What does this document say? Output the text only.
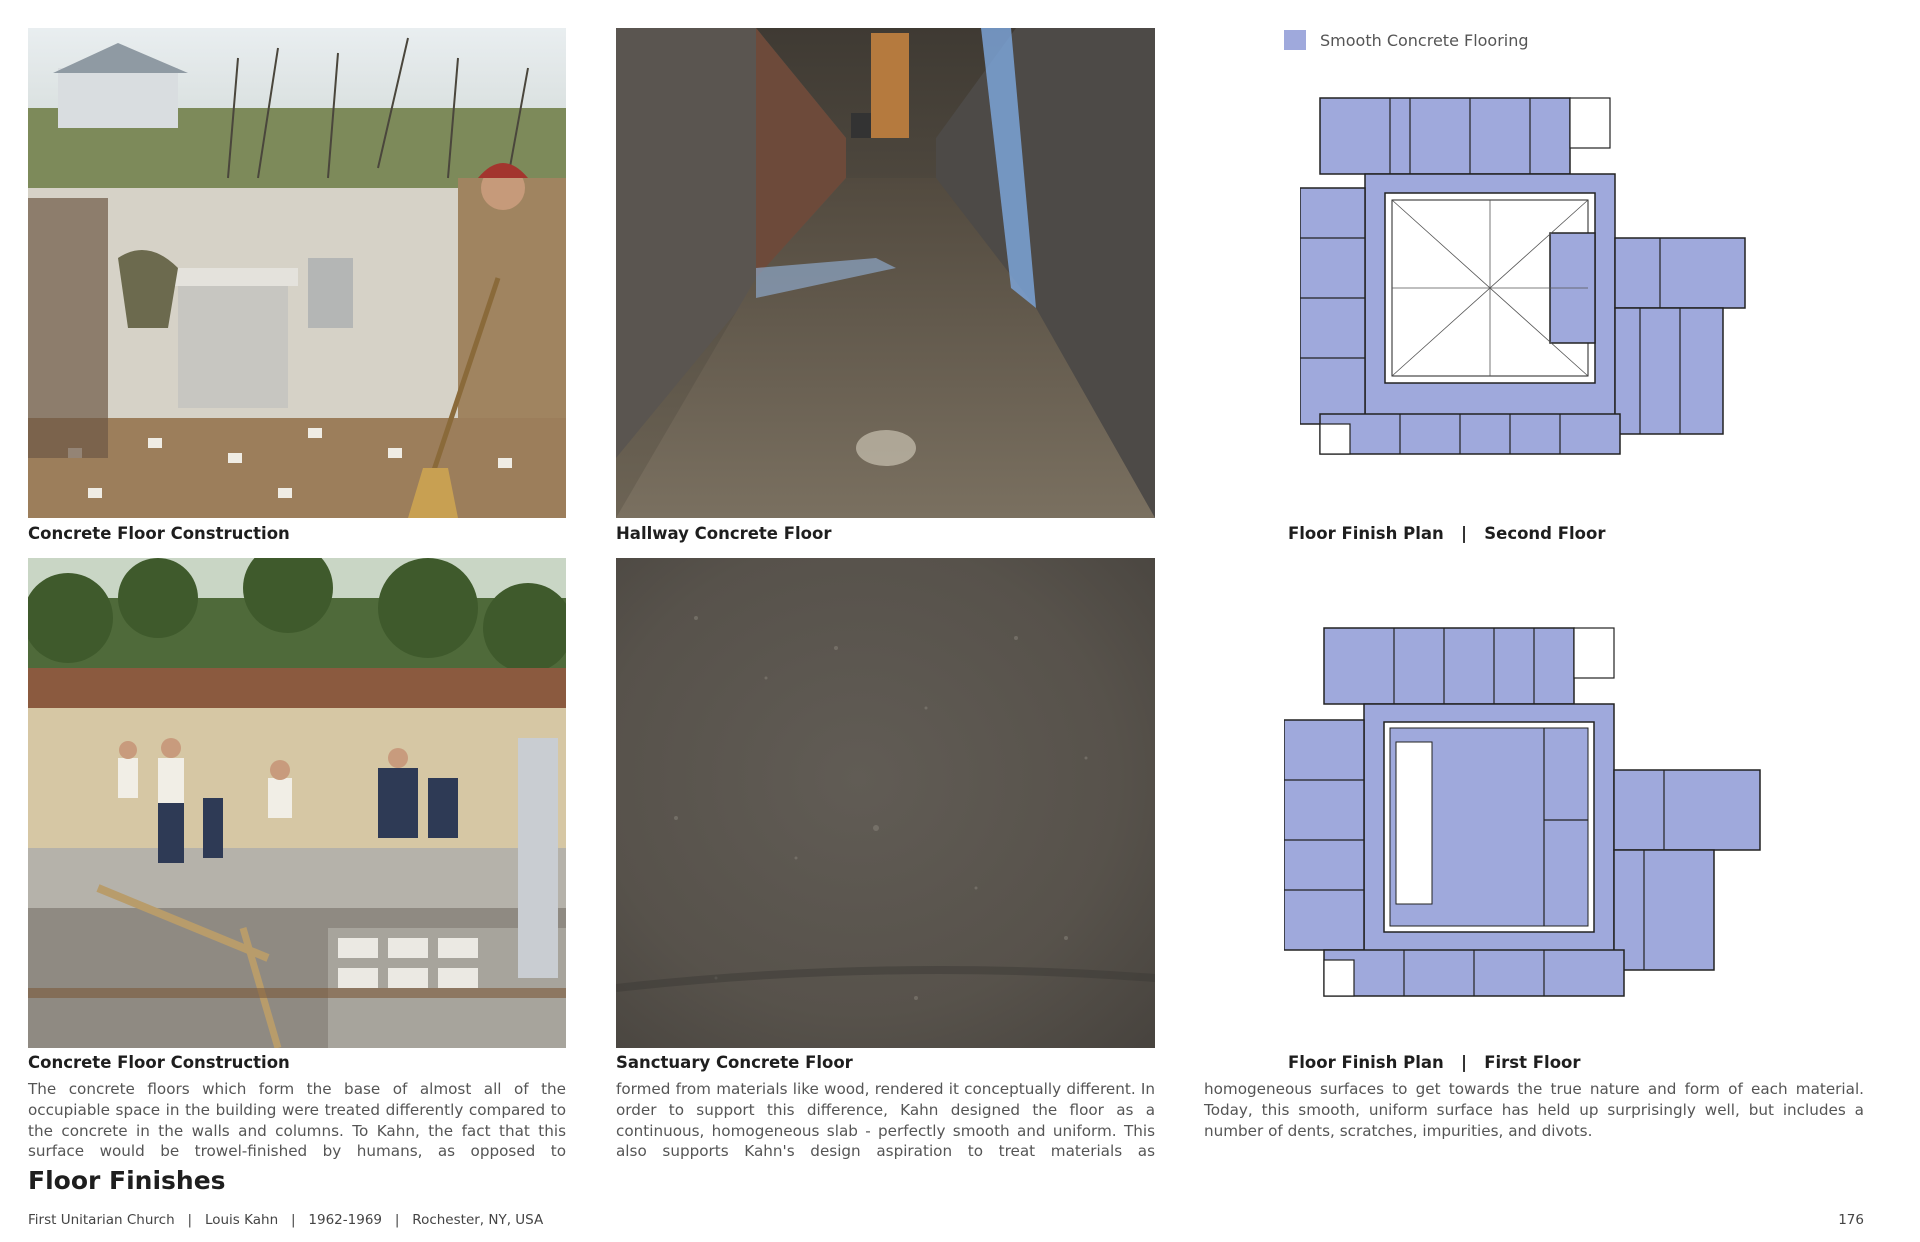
Concrete Floor Construction	Hallway Concrete Floor
Concrete Floor Construction	Sanctuary Concrete Floor
Smooth Concrete Flooring
Floor Finish Plan   |   Second Floor
Floor Finish Plan   |   First Floor
The concrete floors which form the base of almost all of the occupiable space in the building were treated differently compared to the concrete in the walls and columns. To Kahn, the fact that this surface would be trowel-finished by humans, as opposed to
formed from materials like wood, rendered it conceptually different. In order to support this difference, Kahn designed the floor as a continuous, homogeneous slab - perfectly smooth and uniform. This also supports Kahn's design aspiration to treat materials as
homogeneous surfaces to get towards the true nature and form of each material. Today, this smooth, uniform surface has held up surprisingly well, but includes a number of dents, scratches, impurities, and divots.
Floor Finishes
First Unitarian Church   |   Louis Kahn   |   1962-1969   |   Rochester, NY, USA	176
